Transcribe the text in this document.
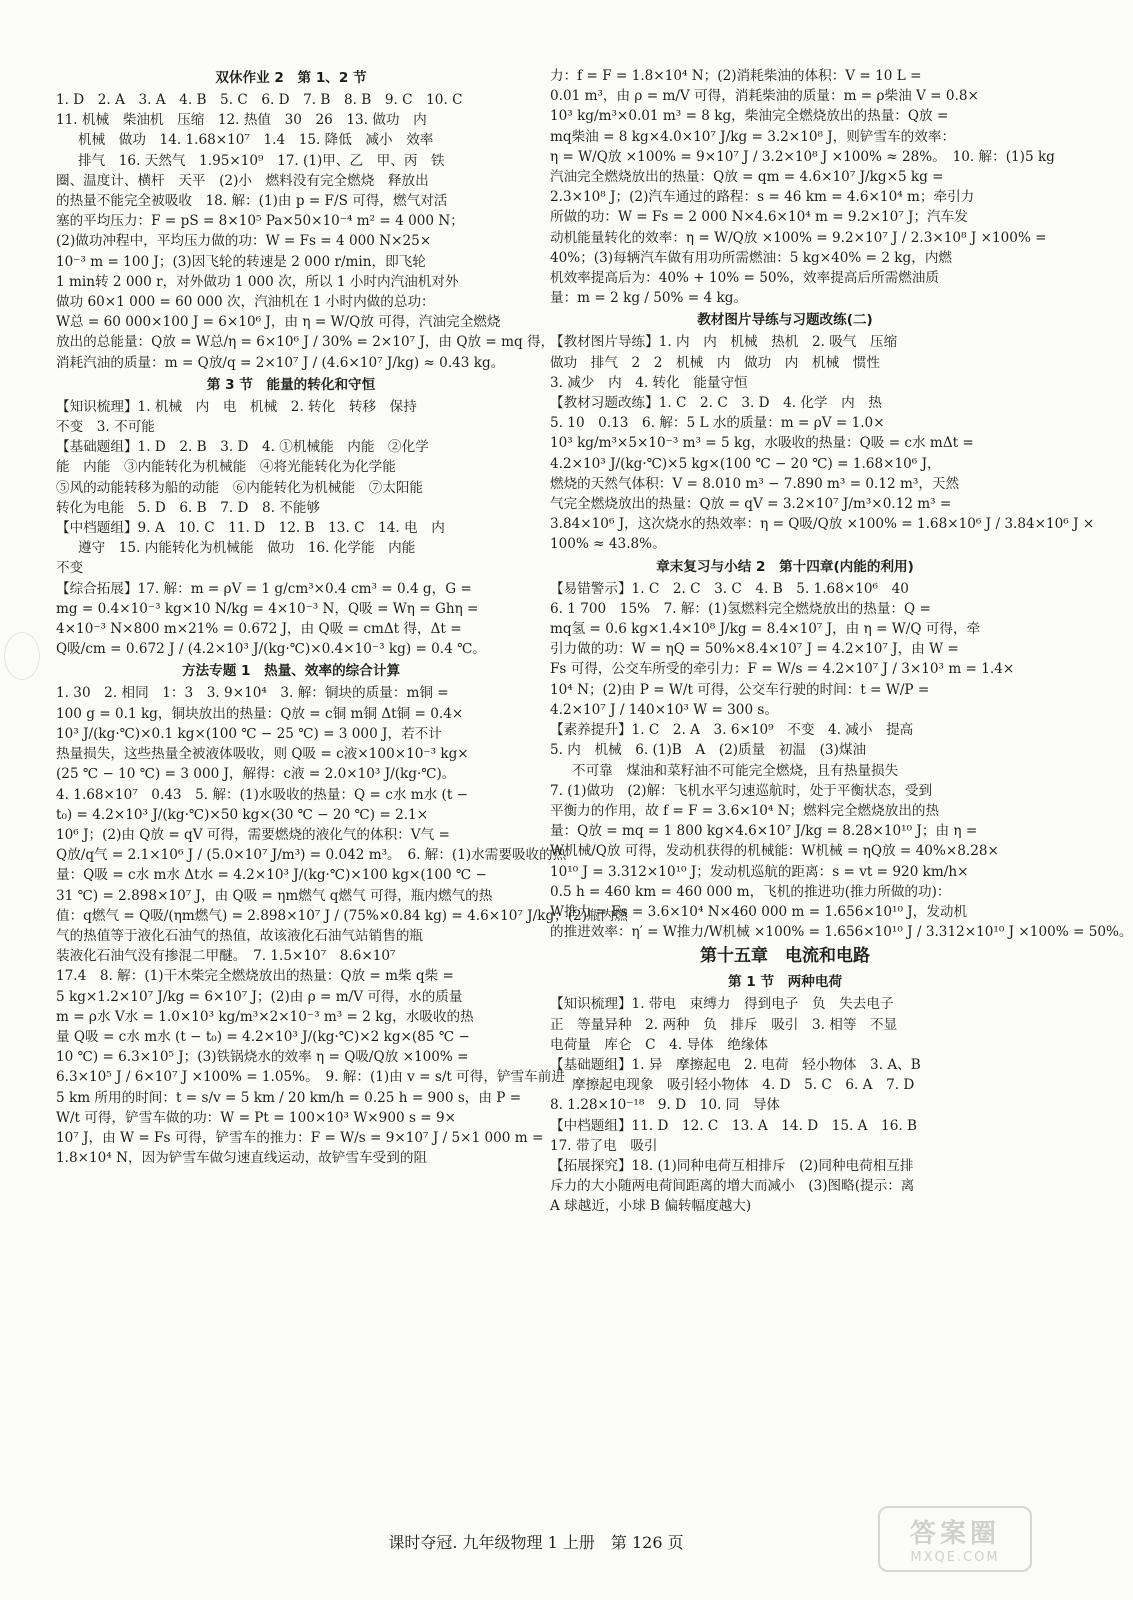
双休作业 2　第 1、2 节
1. D　2. A　3. A　4. B　5. C　6. D　7. B　8. B　9. C　10. C
11. 机械　柴油机　压缩　12. 热值　30　26　13. 做功　内
机械　做功　14. 1.68×10⁷　1.4　15. 降低　减小　效率
排气　16. 天然气　1.95×10⁹　17. (1)甲、乙　甲、丙　铁
圈、温度计、横杆　天平　(2)小　燃料没有完全燃烧　释放出
的热量不能完全被吸收　18. 解：(1)由 p = F/S 可得，燃气对活
塞的平均压力：F = pS = 8×10⁵ Pa×50×10⁻⁴ m² = 4 000 N；
(2)做功冲程中，平均压力做的功：W = Fs = 4 000 N×25×
10⁻³ m = 100 J；(3)因飞轮的转速是 2 000 r/min，即飞轮
1 min转 2 000 r，对外做功 1 000 次，所以 1 小时内汽油机对外
做功 60×1 000 = 60 000 次，汽油机在 1 小时内做的总功：
W总 = 60 000×100 J = 6×10⁶ J，由 η = W/Q放 可得，汽油完全燃烧
放出的总能量：Q放 = W总/η = 6×10⁶ J / 30% = 2×10⁷ J，由 Q放 = mq 得，
消耗汽油的质量：m = Q放/q = 2×10⁷ J / (4.6×10⁷ J/kg) ≈ 0.43 kg。
第 3 节　能量的转化和守恒
【知识梳理】1. 机械　内　电　机械　2. 转化　转移　保持
不变　3. 不可能
【基础题组】1. D　2. B　3. D　4. ①机械能　内能　②化学
能　内能　③内能转化为机械能　④将光能转化为化学能
⑤风的动能转移为船的动能　⑥内能转化为机械能　⑦太阳能
转化为电能　5. D　6. B　7. D　8. 不能够
【中档题组】9. A　10. C　11. D　12. B　13. C　14. 电　内
遵守　15. 内能转化为机械能　做功　16. 化学能　内能
不变
【综合拓展】17. 解：m = ρV = 1 g/cm³×0.4 cm³ = 0.4 g，G =
mg = 0.4×10⁻³ kg×10 N/kg = 4×10⁻³ N，Q吸 = Wη = Ghη =
4×10⁻³ N×800 m×21% = 0.672 J，由 Q吸 = cmΔt 得，Δt =
Q吸/cm = 0.672 J / (4.2×10³ J/(kg·℃)×0.4×10⁻³ kg) = 0.4 ℃。
方法专题 1　热量、效率的综合计算
1. 30　2. 相同　1：3　3. 9×10⁴　3. 解：铜块的质量：m铜 =
100 g = 0.1 kg，铜块放出的热量：Q放 = c铜 m铜 Δt铜 = 0.4×
10³ J/(kg·℃)×0.1 kg×(100 ℃ − 25 ℃) = 3 000 J，若不计
热量损失，这些热量全被液体吸收，则 Q吸 = c液×100×10⁻³ kg×
(25 ℃ − 10 ℃) = 3 000 J，解得：c液 = 2.0×10³ J/(kg·℃)。
4. 1.68×10⁷　0.43　5. 解：(1)水吸收的热量：Q = c水 m水 (t −
t₀) = 4.2×10³ J/(kg·℃)×50 kg×(30 ℃ − 20 ℃) = 2.1×
10⁶ J；(2)由 Q放 = qV 可得，需要燃烧的液化气的体积：V气 =
Q放/q气 = 2.1×10⁶ J / (5.0×10⁷ J/m³) = 0.042 m³。　6. 解：(1)水需要吸收的热
量：Q吸 = c水 m水 Δt水 = 4.2×10³ J/(kg·℃)×100 kg×(100 ℃ −
31 ℃) = 2.898×10⁷ J，由 Q吸 = ηm燃气 q燃气 可得，瓶内燃气的热
值：q燃气 = Q吸/(ηm燃气) = 2.898×10⁷ J / (75%×0.84 kg) = 4.6×10⁷ J/kg；(2)瓶内燃
气的热值等于液化石油气的热值，故该液化石油气站销售的瓶
装液化石油气没有掺混二甲醚。　7. 1.5×10⁷　8.6×10⁷
17.4　8. 解：(1)干木柴完全燃烧放出的热量：Q放 = m柴 q柴 =
5 kg×1.2×10⁷ J/kg = 6×10⁷ J；(2)由 ρ = m/V 可得，水的质量
m = ρ水 V水 = 1.0×10³ kg/m³×2×10⁻³ m³ = 2 kg，水吸收的热
量 Q吸 = c水 m水 (t − t₀) = 4.2×10³ J/(kg·℃)×2 kg×(85 ℃ −
10 ℃) = 6.3×10⁵ J；(3)铁锅烧水的效率 η = Q吸/Q放 ×100% =
6.3×10⁵ J / 6×10⁷ J ×100% = 1.05%。　9. 解：(1)由 v = s/t 可得，铲雪车前进
5 km 所用的时间：t = s/v = 5 km / 20 km/h = 0.25 h = 900 s，由 P =
W/t 可得，铲雪车做的功：W = Pt = 100×10³ W×900 s = 9×
10⁷ J，由 W = Fs 可得，铲雪车的推力：F = W/s = 9×10⁷ J / 5×1 000 m =
1.8×10⁴ N，因为铲雪车做匀速直线运动，故铲雪车受到的阻
力：f = F = 1.8×10⁴ N；(2)消耗柴油的体积：V = 10 L =
0.01 m³，由 ρ = m/V 可得，消耗柴油的质量：m = ρ柴油 V = 0.8×
10³ kg/m³×0.01 m³ = 8 kg，柴油完全燃烧放出的热量：Q放 =
mq柴油 = 8 kg×4.0×10⁷ J/kg = 3.2×10⁸ J，则铲雪车的效率：
η = W/Q放 ×100% = 9×10⁷ J / 3.2×10⁸ J ×100% ≈ 28%。　10. 解：(1)5 kg
汽油完全燃烧放出的热量：Q放 = qm = 4.6×10⁷ J/kg×5 kg =
2.3×10⁸ J；(2)汽车通过的路程：s = 46 km = 4.6×10⁴ m；牵引力
所做的功：W = Fs = 2 000 N×4.6×10⁴ m = 9.2×10⁷ J；汽车发
动机能量转化的效率：η = W/Q放 ×100% = 9.2×10⁷ J / 2.3×10⁸ J ×100% =
40%；(3)每辆汽车做有用功所需燃油：5 kg×40% = 2 kg，内燃
机效率提高后为：40% + 10% = 50%，效率提高后所需燃油质
量：m = 2 kg / 50% = 4 kg。
教材图片导练与习题改练(二)
【教材图片导练】1. 内　内　机械　热机　2. 吸气　压缩
做功　排气　2　2　机械　内　做功　内　机械　惯性
3. 减少　内　4. 转化　能量守恒
【教材习题改练】1. C　2. C　3. D　4. 化学　内　热
5. 10　0.13　6. 解：5 L 水的质量：m = ρV = 1.0×
10³ kg/m³×5×10⁻³ m³ = 5 kg，水吸收的热量：Q吸 = c水 mΔt =
4.2×10³ J/(kg·℃)×5 kg×(100 ℃ − 20 ℃) = 1.68×10⁶ J，
燃烧的天然气体积：V = 8.010 m³ − 7.890 m³ = 0.12 m³，天然
气完全燃烧放出的热量：Q放 = qV = 3.2×10⁷ J/m³×0.12 m³ =
3.84×10⁶ J，这次烧水的热效率：η = Q吸/Q放 ×100% = 1.68×10⁶ J / 3.84×10⁶ J ×
100% ≈ 43.8%。
章末复习与小结 2　第十四章(内能的利用)
【易错警示】1. C　2. C　3. C　4. B　5. 1.68×10⁶　40
6. 1 700　15%　7. 解：(1)氢燃料完全燃烧放出的热量：Q =
mq氢 = 0.6 kg×1.4×10⁸ J/kg = 8.4×10⁷ J，由 η = W/Q 可得，牵
引力做的功：W = ηQ = 50%×8.4×10⁷ J = 4.2×10⁷ J，由 W =
Fs 可得，公交车所受的牵引力：F = W/s = 4.2×10⁷ J / 3×10³ m = 1.4×
10⁴ N；(2)由 P = W/t 可得，公交车行驶的时间：t = W/P =
4.2×10⁷ J / 140×10³ W = 300 s。
【素养提升】1. C　2. A　3. 6×10⁹　不变　4. 减小　提高
5. 内　机械　6. (1)B　A　(2)质量　初温　(3)煤油
不可靠　煤油和菜籽油不可能完全燃烧，且有热量损失
7. (1)做功　(2)解：飞机水平匀速巡航时，处于平衡状态，受到
平衡力的作用，故 f = F = 3.6×10⁴ N；燃料完全燃烧放出的热
量：Q放 = mq = 1 800 kg×4.6×10⁷ J/kg = 8.28×10¹⁰ J；由 η =
W机械/Q放 可得，发动机获得的机械能：W机械 = ηQ放 = 40%×8.28×
10¹⁰ J = 3.312×10¹⁰ J；发动机巡航的距离：s = vt = 920 km/h×
0.5 h = 460 km = 460 000 m，飞机的推进功(推力所做的功)：
W推力 = Fs = 3.6×10⁴ N×460 000 m = 1.656×10¹⁰ J，发动机
的推进效率：η′ = W推力/W机械 ×100% = 1.656×10¹⁰ J / 3.312×10¹⁰ J ×100% = 50%。
第十五章　电流和电路
第 1 节　两种电荷
【知识梳理】1. 带电　束缚力　得到电子　负　失去电子
正　等量异种　2. 两种　负　排斥　吸引　3. 相等　不显
电荷量　库仑　C　4. 导体　绝缘体
【基础题组】1. 异　摩擦起电　2. 电荷　轻小物体　3. A、B
摩擦起电现象　吸引轻小物体　4. D　5. C　6. A　7. D
8. 1.28×10⁻¹⁸　9. D　10. 同　导体
【中档题组】11. D　12. C　13. A　14. D　15. A　16. B
17. 带了电　吸引
【拓展探究】18. (1)同种电荷互相排斥　(2)同种电荷相互排
斥力的大小随两电荷间距离的增大而减小　(3)图略(提示：离
A 球越近，小球 B 偏转幅度越大)
课时夺冠. 九年级物理 1 上册　第 126 页	答案圈
MXQE.COM
